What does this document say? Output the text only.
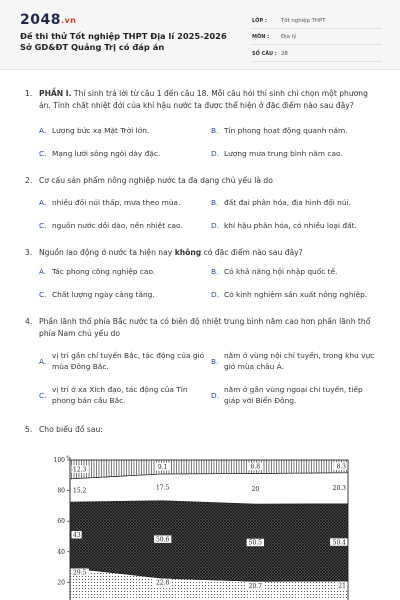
2048.vn
Đề thi thử Tốt nghiệp THPT Địa lí 2025-2026 Sở GD&ĐT Quảng Trị có đáp án
LỚP :	Tốt nghiệp THPT
MÔN :	Địa lý
SỐ CÂU : 28
1. PHẦN I. Thí sinh trả lời từ câu 1 đến câu 18. Mỗi câu hỏi thí sinh chỉ chọn một phương án. Tính chất nhiệt đới của khí hậu nước ta được thể hiện ở đặc điểm nào sau đây?
A. Lượng bức xạ Mặt Trời lớn.	B. Tín phong hoạt động quanh năm.
C. Mạng lưới sông ngòi dày đặc.	D. Lượng mưa trung bình năm cao.
2. Cơ cấu sản phẩm nông nghiệp nước ta đa dạng chủ yếu là do
A. nhiều đồi núi thấp, mưa theo mùa.	B. đất đai phân hóa, địa hình đồi núi.
C. nguồn nước dồi dào, nền nhiệt cao.	D. khí hậu phân hóa, có nhiều loại đất.
3. Nguồn lao động ở nước ta hiện nay không có đặc điểm nào sau đây?
A. Tác phong công nghiệp cao.	B. Có khả năng hội nhập quốc tế.
C. Chất lượng ngày càng tăng.	D. Có kinh nghiệm sản xuất nông nghiệp.
4. Phần lãnh thổ phía Bắc nước ta có biên độ nhiệt trung bình năm cao hơn phần lãnh thổ phía Nam chủ yếu do
A.
vị trí gần chí tuyến Bắc, tác động của gió mùa Đông Bắc.
B.
nằm ở vùng nội chí tuyến, trong khu vực gió mùa châu Á.
C.
vị trí ở xa Xích đạo, tác động của Tín phong bán cầu Bắc.
D.
nằm ở gần vùng ngoại chí tuyến, tiếp giáp với Biển Đông.
5. Cho biểu đồ sau:
%
100
80
60
40
20
12.3	9.1	8.8	8.3
15.2	17.5	20	20.3
43
50.6	50.5	50.4
29.5
22.8	20.7	21
